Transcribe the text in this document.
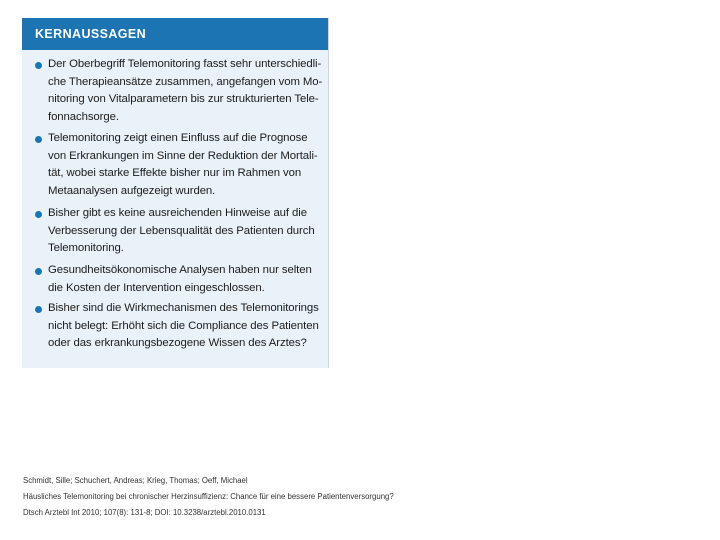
KERNAUSSAGEN
Der Oberbegriff Telemonitoring fasst sehr unterschiedli-
che Therapieansätze zusammen, angefangen vom Mo-
nitoring von Vitalparametern bis zur strukturierten Tele-
fonnachsorge.
Telemonitoring zeigt einen Einfluss auf die Prognose
von Erkrankungen im Sinne der Reduktion der Mortali-
tät, wobei starke Effekte bisher nur im Rahmen von
Metaanalysen aufgezeigt wurden.
Bisher gibt es keine ausreichenden Hinweise auf die
Verbesserung der Lebensqualität des Patienten durch
Telemonitoring.
Gesundheitsökonomische Analysen haben nur selten
die Kosten der Intervention eingeschlossen.
Bisher sind die Wirkmechanismen des Telemonitorings
nicht belegt: Erhöht sich die Compliance des Patienten
oder das erkrankungsbezogene Wissen des Arztes?
Schmidt, Sille; Schuchert, Andreas; Krieg, Thomas; Oeff, Michael
Häusliches Telemonitoring bei chronischer Herzinsuffizienz: Chance für eine bessere Patientenversorgung?
Dtsch Arztebl Int 2010; 107(8): 131-8; DOI: 10.3238/arztebl.2010.0131
